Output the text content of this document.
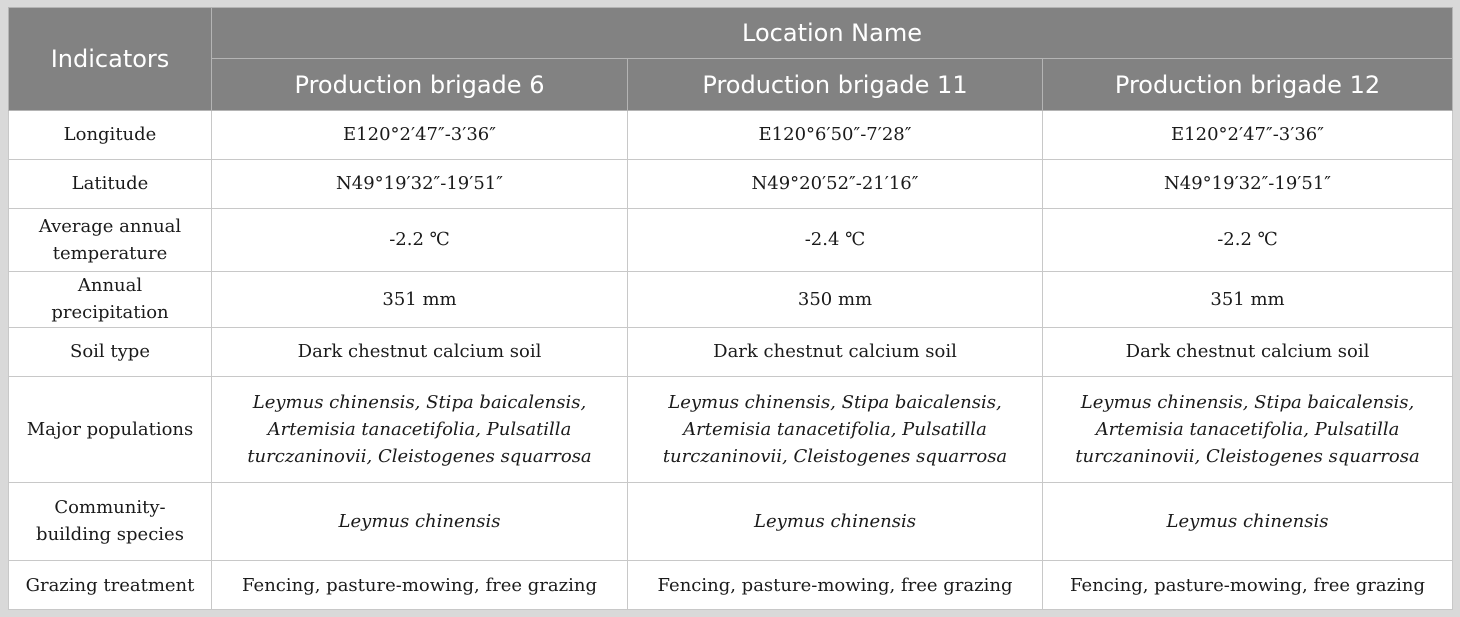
Indicators	Location Name		
	Production brigade 6	Production brigade 11	Production brigade 12
Longitude	E120°2′47″-3′36″	E120°6′50″-7′28″	E120°2′47″-3′36″
Latitude	N49°19′32″-19′51″	N49°20′52″-21′16″	N49°19′32″-19′51″
Average annual temperature	-2.2 ℃	-2.4 ℃	-2.2 ℃
Annual precipitation	351 mm	350 mm	351 mm
Soil type	Dark chestnut calcium soil	Dark chestnut calcium soil	Dark chestnut calcium soil
Major populations	Leymus chinensis, Stipa baicalensis, Artemisia tanacetifolia, Pulsatilla turczaninovii, Cleistogenes squarrosa	Leymus chinensis, Stipa baicalensis, Artemisia tanacetifolia, Pulsatilla turczaninovii, Cleistogenes squarrosa	Leymus chinensis, Stipa baicalensis, Artemisia tanacetifolia, Pulsatilla turczaninovii, Cleistogenes squarrosa
Community-building species	Leymus chinensis	Leymus chinensis	Leymus chinensis
Grazing treatment	Fencing, pasture-mowing, free grazing	Fencing, pasture-mowing, free grazing	Fencing, pasture-mowing, free grazing
